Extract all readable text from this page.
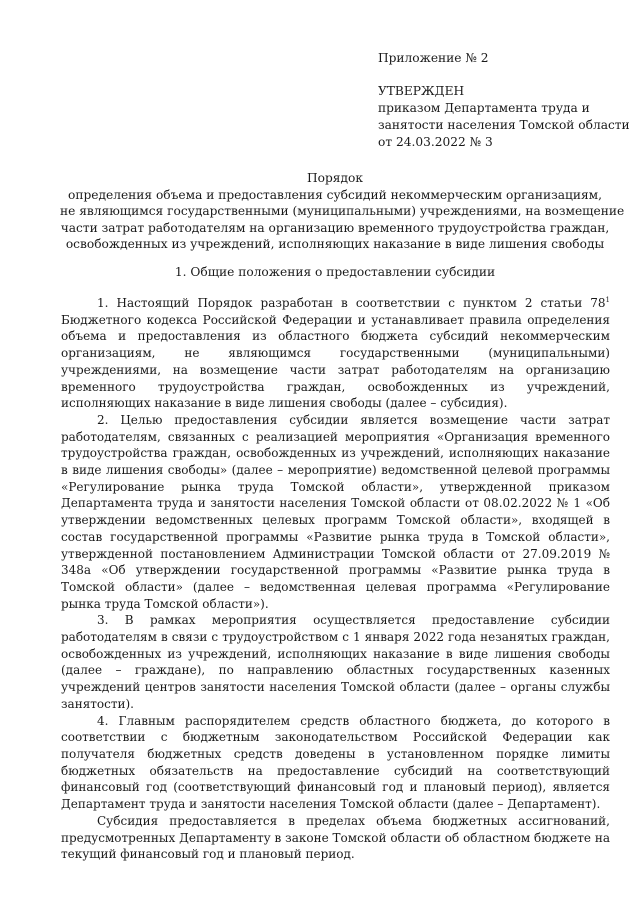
Приложение № 2
УТВЕРЖДЕН
приказом Департамента труда и
занятости населения Томской области
от 24.03.2022 № 3
Порядок
определения объема и предоставления субсидий некоммерческим организациям,
не являющимся государственными (муниципальными) учреждениями, на возмещение
части затрат работодателям на организацию временного трудоустройства граждан,
освобожденных из учреждений, исполняющих наказание в виде лишения свободы
1. Общие положения о предоставлении субсидии

1. Настоящий Порядок разработан в соответствии с пунктом 2 статьи $78^1$ Бюджетного кодекса Российской Федерации и устанавливает правила определения объема и предоставления из областного бюджета субсидий некоммерческим организациям, не являющимся государственными (муниципальными) учреждениями, на возмещение части затрат работодателям на организацию временного трудоустройства граждан, освобожденных из учреждений, исполняющих наказание в виде лишения свободы (далее – субсидия).

2. Целью предоставления субсидии является возмещение части затрат работодателям, связанных с реализацией мероприятия «Организация временного трудоустройства граждан, освобожденных из учреждений, исполняющих наказание в виде лишения свободы» (далее – мероприятие) ведомственной целевой программы «Регулирование рынка труда Томской области», утвержденной приказом Департамента труда и занятости населения Томской области от 08.02.2022 № 1 «Об утверждении ведомственных целевых программ Томской области», входящей в состав государственной программы «Развитие рынка труда в Томской области», утвержденной постановлением Администрации Томской области от 27.09.2019 № 348а «Об утверждении государственной программы «Развитие рынка труда в Томской области» (далее – ведомственная целевая программа «Регулирование рынка труда Томской области»).

3. В рамках мероприятия осуществляется предоставление субсидии работодателям в связи с трудоустройством с 1 января 2022 года незанятых граждан, освобожденных из учреждений, исполняющих наказание в виде лишения свободы (далее – граждане), по направлению областных государственных казенных учреждений центров занятости населения Томской области (далее – органы службы занятости).

4. Главным распорядителем средств областного бюджета, до которого в соответствии с бюджетным законодательством Российской Федерации как получателя бюджетных средств доведены в установленном порядке лимиты бюджетных обязательств на предоставление субсидий на соответствующий финансовый год (соответствующий финансовый год и плановый период), является Департамент труда и занятости населения Томской области (далее – Департамент).

Субсидия предоставляется в пределах объема бюджетных ассигнований, предусмотренных Департаменту в законе Томской области об областном бюджете на текущий финансовый год и плановый период.
